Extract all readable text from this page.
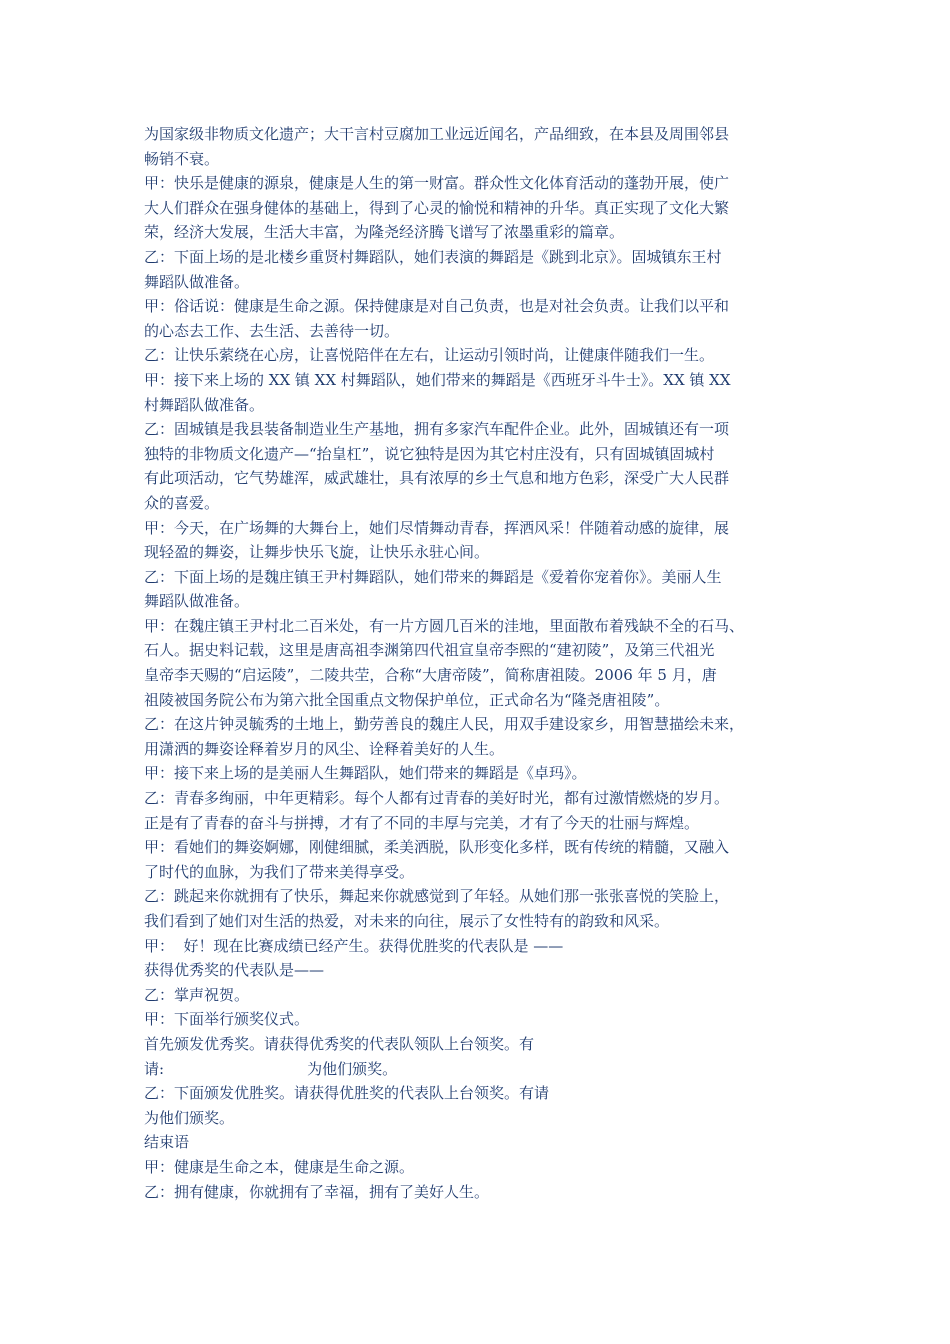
为国家级非物质文化遗产；大干言村豆腐加工业远近闻名，产品细致，在本县及周围邻县
畅销不衰。

甲：快乐是健康的源泉，健康是人生的第一财富。群众性文化体育活动的蓬勃开展，使广
大人们群众在强身健体的基础上，得到了心灵的愉悦和精神的升华。真正实现了文化大繁
荣，经济大发展，生活大丰富，为隆尧经济腾飞谱写了浓墨重彩的篇章。

乙：下面上场的是北楼乡重贤村舞蹈队，她们表演的舞蹈是《跳到北京》。固城镇东王村
舞蹈队做准备。

甲：俗话说：健康是生命之源。保持健康是对自己负责，也是对社会负责。让我们以平和
的心态去工作、去生活、去善待一切。

乙：让快乐萦绕在心房，让喜悦陪伴在左右，让运动引领时尚，让健康伴随我们一生。

甲：接下来上场的 XX 镇 XX 村舞蹈队，她们带来的舞蹈是《西班牙斗牛士》。XX 镇 XX
村舞蹈队做准备。

乙：固城镇是我县装备制造业生产基地，拥有多家汽车配件企业。此外，固城镇还有一项
独特的非物质文化遗产—“抬皇杠”，说它独特是因为其它村庄没有，只有固城镇固城村
有此项活动，它气势雄浑，威武雄壮，具有浓厚的乡土气息和地方色彩，深受广大人民群
众的喜爱。

甲：今天，在广场舞的大舞台上，她们尽情舞动青春，挥洒风采！伴随着动感的旋律，展
现轻盈的舞姿，让舞步快乐飞旋，让快乐永驻心间。

乙：下面上场的是魏庄镇王尹村舞蹈队，她们带来的舞蹈是《爱着你宠着你》。美丽人生
舞蹈队做准备。

甲：在魏庄镇王尹村北二百米处，有一片方圆几百米的洼地，里面散布着残缺不全的石马、
石人。据史料记载，这里是唐高祖李渊第四代祖宣皇帝李熙的“建初陵”，及第三代祖光
皇帝李天赐的“启运陵”，二陵共茔，合称“大唐帝陵”，简称唐祖陵。2006 年 5 月，唐
祖陵被国务院公布为第六批全国重点文物保护单位，正式命名为“隆尧唐祖陵”。

乙：在这片钟灵毓秀的土地上，勤劳善良的魏庄人民，用双手建设家乡，用智慧描绘未来，
用潇洒的舞姿诠释着岁月的风尘、诠释着美好的人生。

甲：接下来上场的是美丽人生舞蹈队，她们带来的舞蹈是《卓玛》。

乙：青春多绚丽，中年更精彩。每个人都有过青春的美好时光，都有过激情燃烧的岁月。
正是有了青春的奋斗与拼搏，才有了不同的丰厚与完美，才有了今天的壮丽与辉煌。

甲：看她们的舞姿婀娜，刚健细腻，柔美洒脱，队形变化多样，既有传统的精髓，又融入
了时代的血脉，为我们了带来美得享受。

乙：跳起来你就拥有了快乐，舞起来你就感觉到了年轻。从她们那一张张喜悦的笑脸上，
我们看到了她们对生活的热爱，对未来的向往，展示了女性特有的韵致和风采。

甲：  好！现在比赛成绩已经产生。获得优胜奖的代表队是 ——

获得优秀奖的代表队是——

乙：掌声祝贺。

甲：下面举行颁奖仪式。

首先颁发优秀奖。请获得优秀奖的代表队领队上台领奖。有
请:                              为他们颁奖。

乙：下面颁发优胜奖。请获得优胜奖的代表队上台领奖。有请

为他们颁奖。

结束语

甲：健康是生命之本，健康是生命之源。

乙：拥有健康，你就拥有了幸福，拥有了美好人生。
